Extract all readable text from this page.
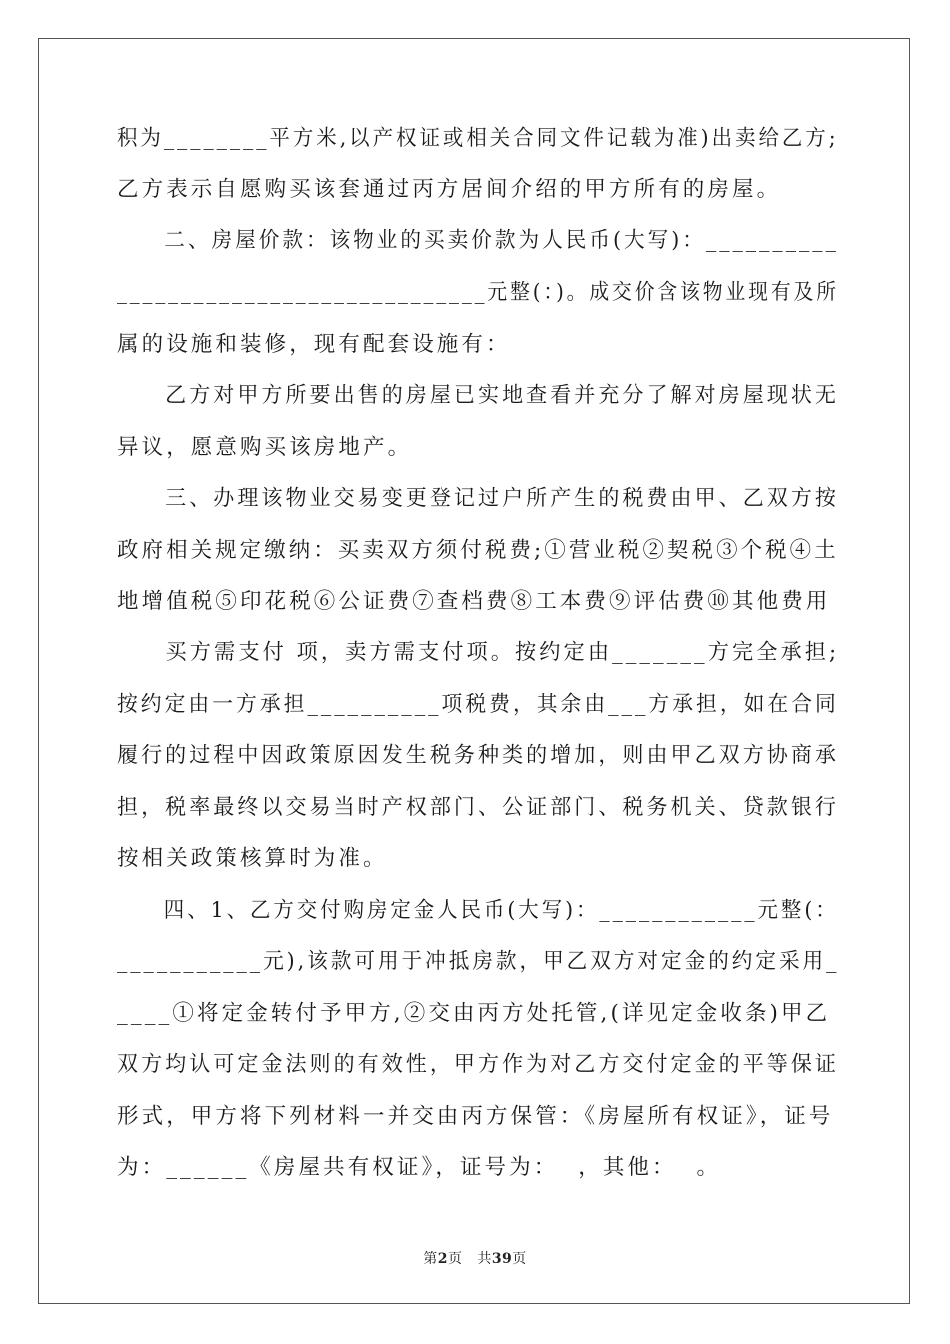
积为________平方米,以产权证或相关合同文件记载为准)出卖给乙方;
乙方表示自愿购买该套通过丙方居间介绍的甲方所有的房屋。
　　二、房屋价款：该物业的买卖价款为人民币(大写)：__________
_____________________________元整(：)。成交价含该物业现有及所
属的设施和装修，现有配套设施有：
　　乙方对甲方所要出售的房屋已实地查看并充分了解对房屋现状无
异议，愿意购买该房地产。
　　三、办理该物业交易变更登记过户所产生的税费由甲、乙双方按
政府相关规定缴纳：买卖双方须付税费;①营业税②契税③个税④土
地增值税⑤印花税⑥公证费⑦查档费⑧工本费⑨评估费⑩其他费用
　　买方需支付 项，卖方需支付项。按约定由_______方完全承担;
按约定由一方承担__________项税费，其余由___方承担，如在合同
履行的过程中因政策原因发生税务种类的增加，则由甲乙双方协商承
担，税率最终以交易当时产权部门、公证部门、税务机关、贷款银行
按相关政策核算时为准。
　　四、1、乙方交付购房定金人民币(大写)：____________元整(：
___________元),该款可用于冲抵房款，甲乙双方对定金的约定采用_
____①将定金转付予甲方,②交由丙方处托管,(详见定金收条)甲乙
双方均认可定金法则的有效性，甲方作为对乙方交付定金的平等保证
形式，甲方将下列材料一并交由丙方保管：《房屋所有权证》，证号
为：______《房屋共有权证》，证号为：  ，其他：  。
第2页 共39页
